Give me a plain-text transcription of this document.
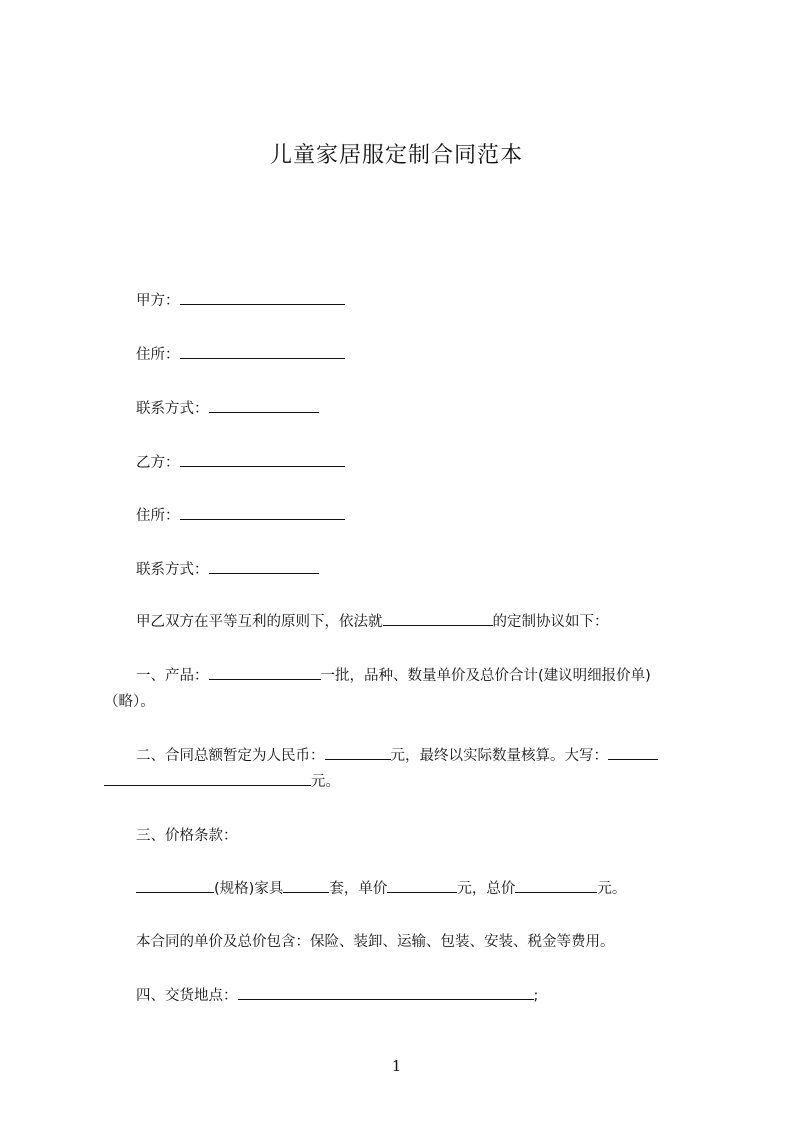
儿童家居服定制合同范本
甲方：
住所：
联系方式：
乙方：
住所：
联系方式：
甲乙双方在平等互利的原则下，依法就	的定制协议如下：
一、产品：	一批，品种、数量单价及总价合计(建议明细报价单)
（略）。
二、合同总额暂定为人民币：	元，最终以实际数量核算。大写：
元。
三、价格条款：
(规格)家具	套，单价	元，总价	元。
本合同的单价及总价包含：保险、装卸、运输、包装、安装、税金等费用。
四、交货地点：	;
1
